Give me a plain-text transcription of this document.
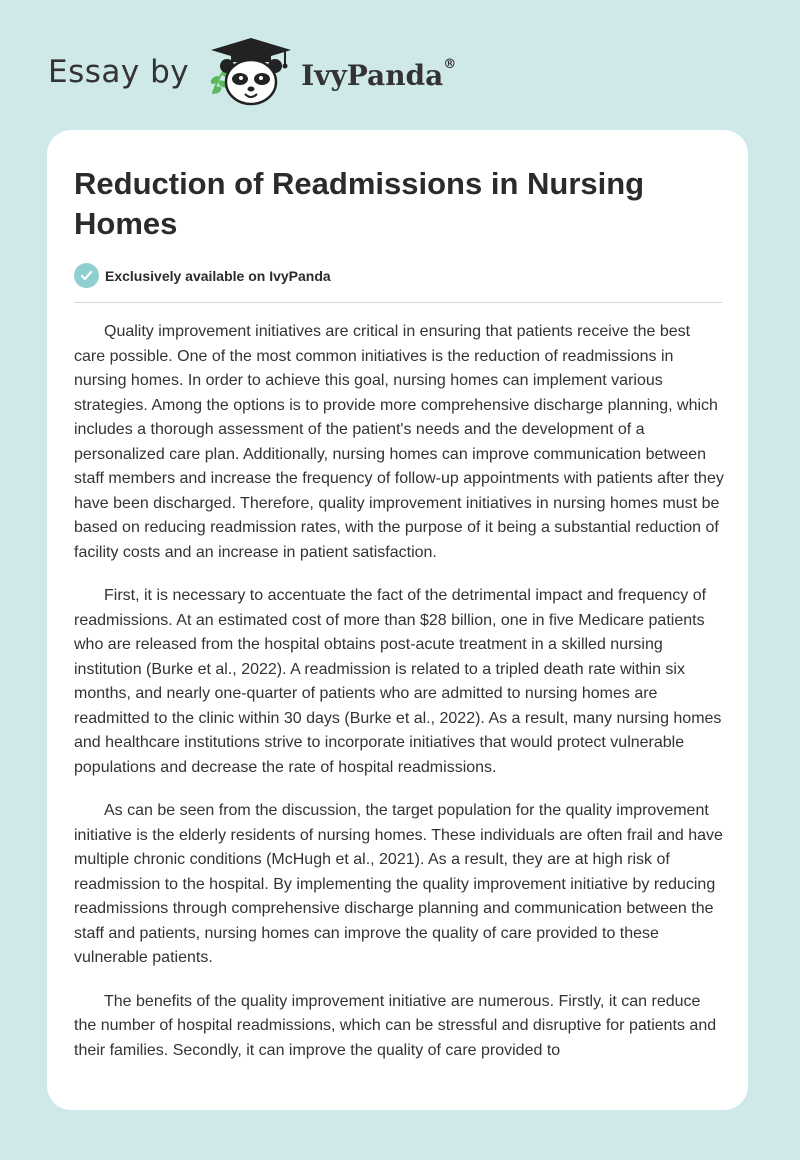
Essay by	IvyPanda®
Reduction of Readmissions in Nursing Homes
Exclusively available on IvyPanda

Quality improvement initiatives are critical in ensuring that patients receive the best care possible. One of the most common initiatives is the reduction of readmissions in nursing homes. In order to achieve this goal, nursing homes can implement various strategies. Among the options is to provide more comprehensive discharge planning, which includes a thorough assessment of the patient's needs and the development of a personalized care plan. Additionally, nursing homes can improve communication between staff members and increase the frequency of follow-up appointments with patients after they have been discharged. Therefore, quality improvement initiatives in nursing homes must be based on reducing readmission rates, with the purpose of it being a substantial reduction of facility costs and an increase in patient satisfaction.

First, it is necessary to accentuate the fact of the detrimental impact and frequency of readmissions. At an estimated cost of more than $28 billion, one in five Medicare patients who are released from the hospital obtains post-acute treatment in a skilled nursing institution (Burke et al., 2022). A readmission is related to a tripled death rate within six months, and nearly one-quarter of patients who are admitted to nursing homes are readmitted to the clinic within 30 days (Burke et al., 2022). As a result, many nursing homes and healthcare institutions strive to incorporate initiatives that would protect vulnerable populations and decrease the rate of hospital readmissions.

As can be seen from the discussion, the target population for the quality improvement initiative is the elderly residents of nursing homes. These individuals are often frail and have multiple chronic conditions (McHugh et al., 2021). As a result, they are at high risk of readmission to the hospital. By implementing the quality improvement initiative by reducing readmissions through comprehensive discharge planning and communication between the staff and patients, nursing homes can improve the quality of care provided to these vulnerable patients.

The benefits of the quality improvement initiative are numerous. Firstly, it can reduce the number of hospital readmissions, which can be stressful and disruptive for patients and their families. Secondly, it can improve the quality of care provided to
